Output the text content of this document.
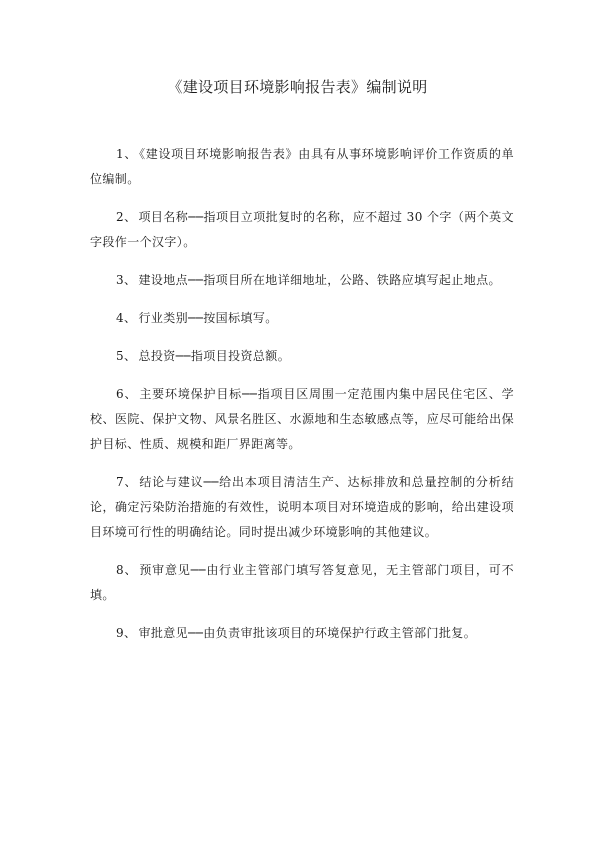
《建设项目环境影响报告表》编制说明

1、 《建设项目环境影响报告表》由具有从事环境影响评价工作资质的单位编制。

2、 项目名称──指项目立项批复时的名称，应不超过 30 个字（两个英文字段作一个汉字）。

3、 建设地点──指项目所在地详细地址，公路、铁路应填写起止地点。

4、 行业类别──按国标填写。

5、 总投资──指项目投资总额。

6、 主要环境保护目标──指项目区周围一定范围内集中居民住宅区、学校、医院、保护文物、风景名胜区、水源地和生态敏感点等，应尽可能给出保护目标、性质、规模和距厂界距离等。

7、 结论与建议──给出本项目清洁生产、达标排放和总量控制的分析结论，确定污染防治措施的有效性，说明本项目对环境造成的影响，给出建设项目环境可行性的明确结论。同时提出减少环境影响的其他建议。

8、 预审意见──由行业主管部门填写答复意见，无主管部门项目，可不填。

9、 审批意见──由负责审批该项目的环境保护行政主管部门批复。
